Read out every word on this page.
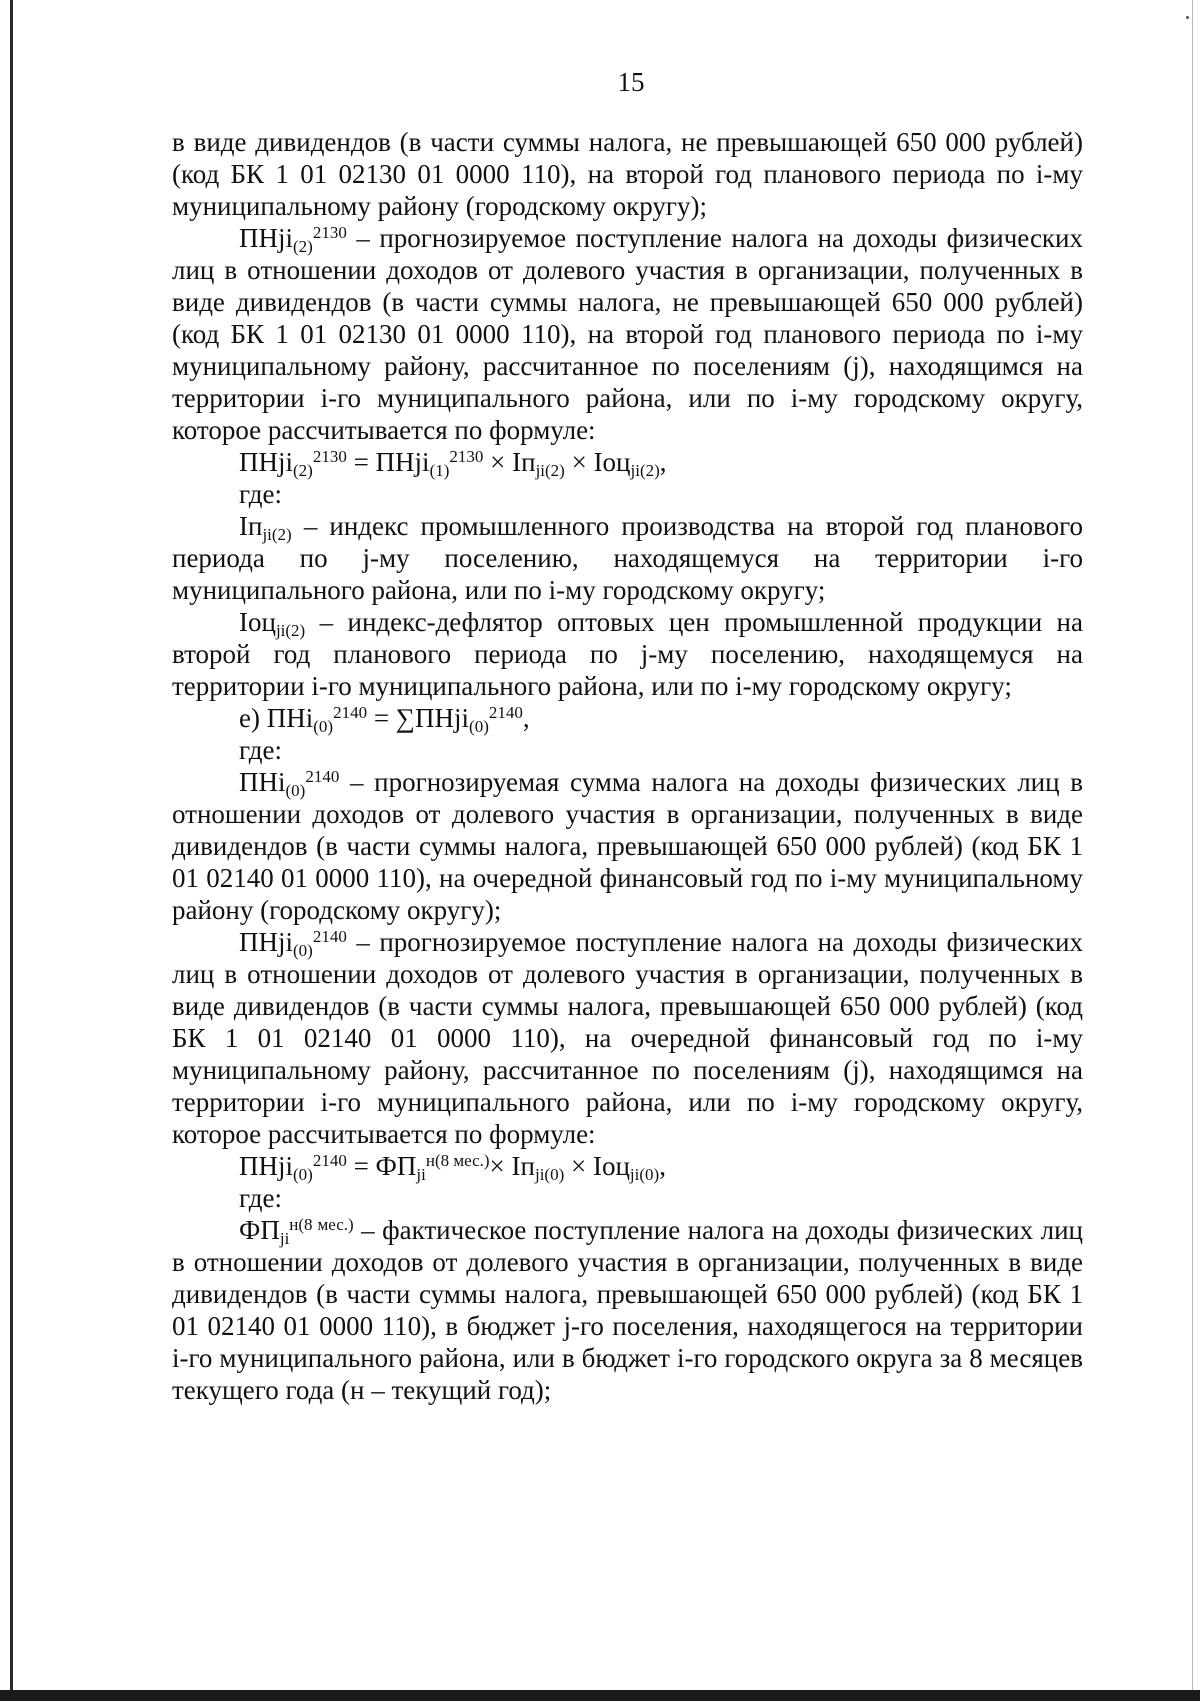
15

в виде дивидендов (в части суммы налога, не превышающей 650 000 рублей) (код БК 1 01 02130 01 0000 110), на второй год планового периода по i-му муниципальному району (городскому округу);

ПНji$_{(2)}^{2130}$ – прогнозируемое поступление налога на доходы физических лиц в отношении доходов от долевого участия в организации, полученных в виде дивидендов (в части суммы налога, не превышающей 650 000 рублей) (код БК 1 01 02130 01 0000 110), на второй год планового периода по i-му муниципальному району, рассчитанное по поселениям (j), находящимся на территории i-го муниципального района, или по i-му городскому округу, которое рассчитывается по формуле:

ПНji$_{(2)}^{2130}$ = ПНji$_{(1)}^{2130}$ × $Iп_{ji(2)} \times Iоц_{ji(2)}$,

где:

$Iп_{ji(2)}$ – индекс промышленного производства на второй год планового периода по j-му поселению, находящемуся на территории i-го муниципального района, или по i-му городскому округу;

Iоц$_{ji(2)}$ – индекс-дефлятор оптовых цен промышленной продукции на второй год планового периода по j-му поселению, находящемуся на территории i-го муниципального района, или по i-му городскому округу;

е) ПНi$_{(0)}^{2140}$ = ∑ПНji$_{(0)}^{2140}$,

где:

ПНi$_{(0)}^{2140}$ – прогнозируемая сумма налога на доходы физических лиц в отношении доходов от долевого участия в организации, полученных в виде дивидендов (в части суммы налога, превышающей 650 000 рублей) (код БК 1 01 02140 01 0000 110), на очередной финансовый год по i-му муниципальному району (городскому округу);

ПНji$_{(0)}^{2140}$ – прогнозируемое поступление налога на доходы физических лиц в отношении доходов от долевого участия в организации, полученных в виде дивидендов (в части суммы налога, превышающей 650 000 рублей) (код БК 1 01 02140 01 0000 110), на очередной финансовый год по i-му муниципальному району, рассчитанное по поселениям (j), находящимся на территории i-го муниципального района, или по i-му городскому округу, которое рассчитывается по формуле:

ПНji$_{(0)}^{2140}$ = $ФП_{ji}^{н(8 мес.)}\times Iп_{ji(0)} \times Iоц_{ji(0)}$,

где:

$ФП_{ji}^{н(8 мес.)}$ – фактическое поступление налога на доходы физических лиц в отношении доходов от долевого участия в организации, полученных в виде дивидендов (в части суммы налога, превышающей 650 000 рублей) (код БК 1 01 02140 01 0000 110), в бюджет j-го поселения, находящегося на территории i-го муниципального района, или в бюджет i-го городского округа за 8 месяцев текущего года (н – текущий год);
